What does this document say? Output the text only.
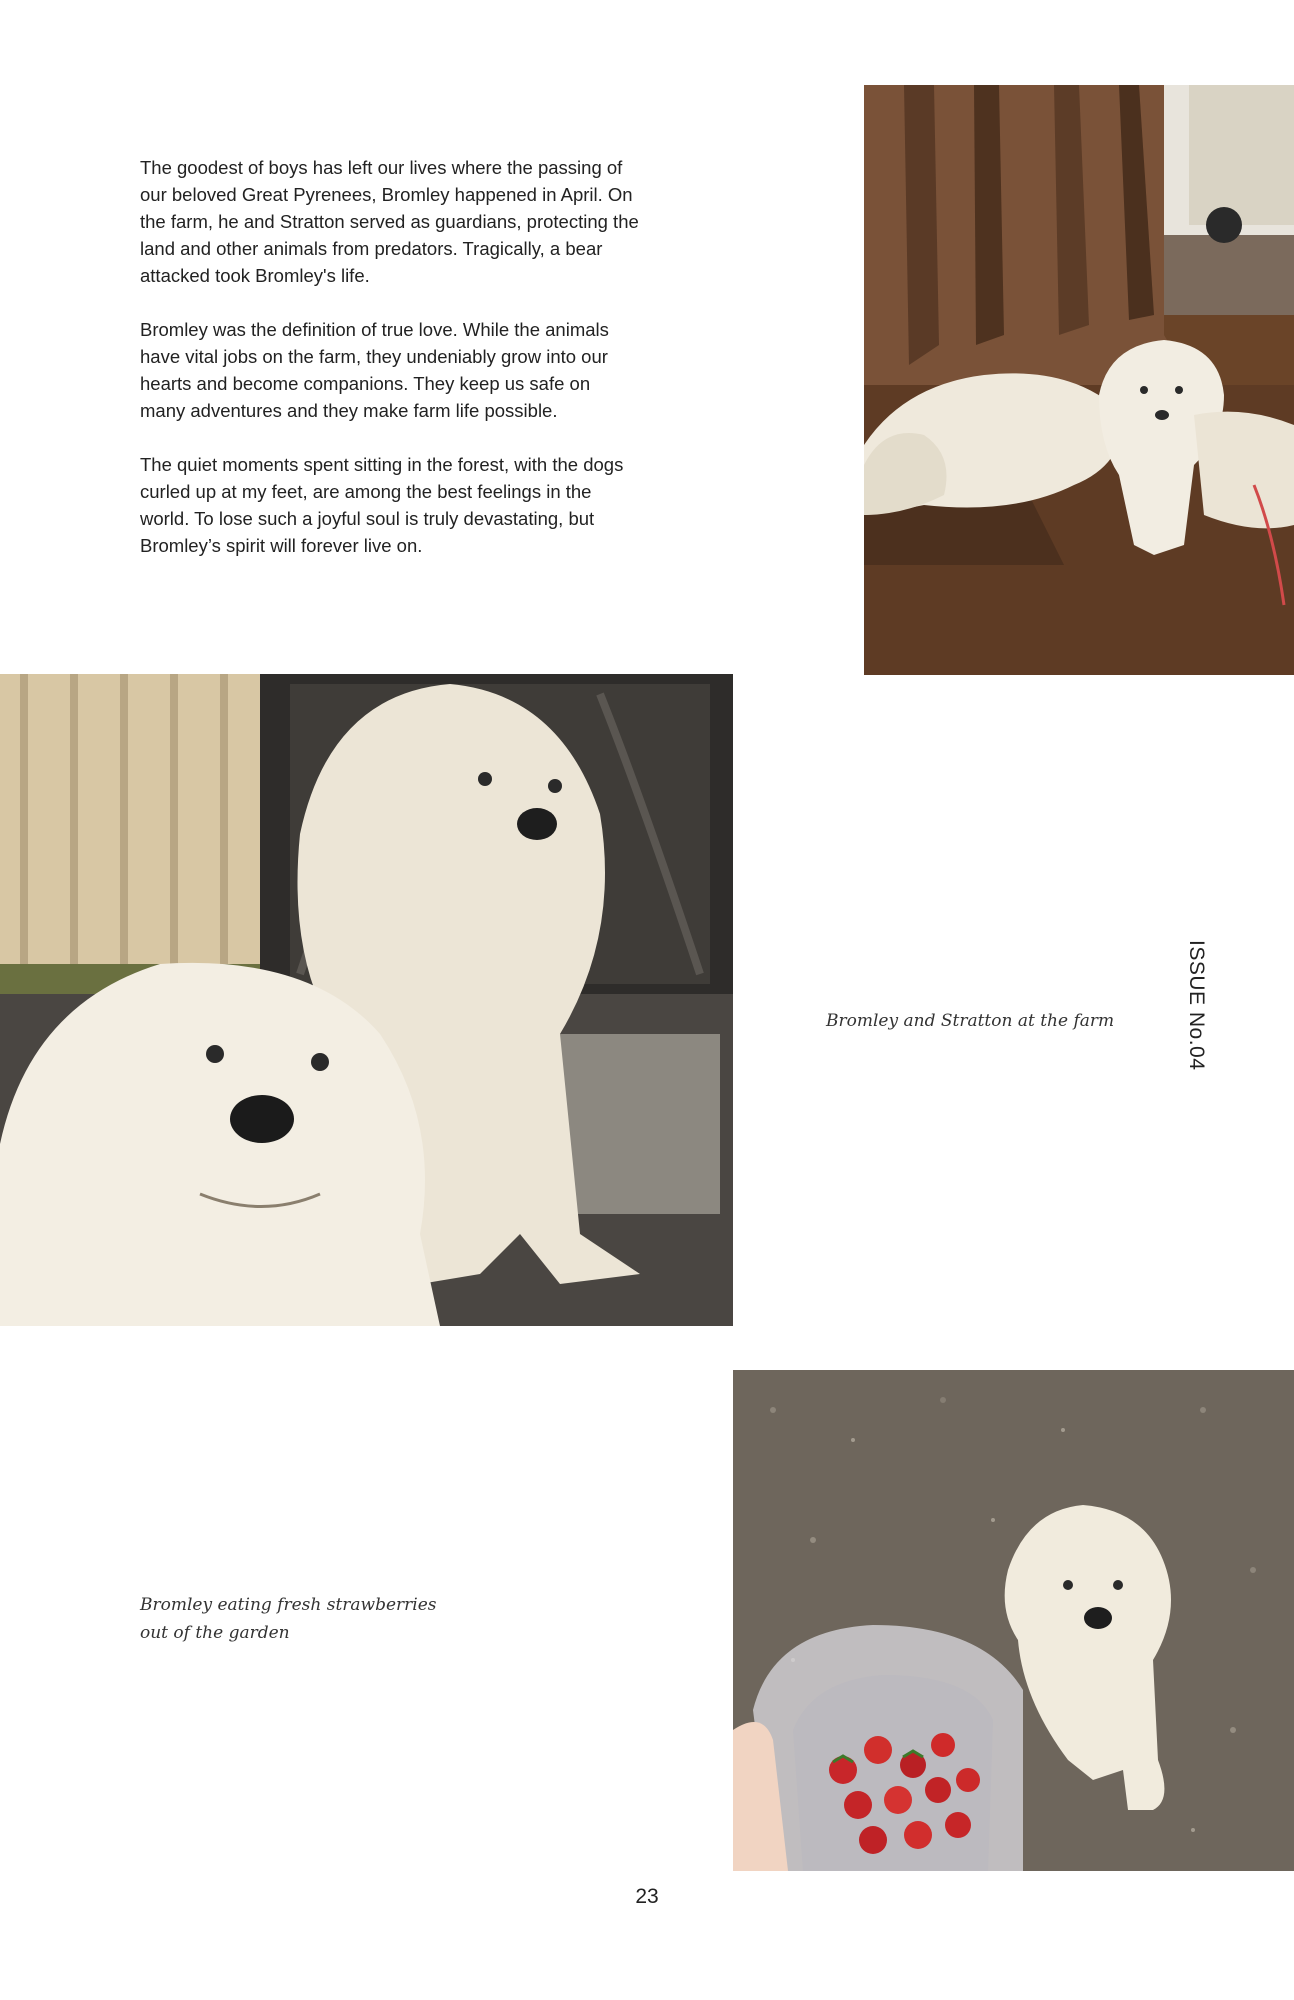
The goodest of boys has left our lives where the passing of our beloved Great Pyrenees, Bromley happened in April. On the farm, he and Stratton served as guardians, protecting the land and other animals from predators. Tragically, a bear attacked took Bromley's life.

Bromley was the definition of true love. While the animals have vital jobs on the farm, they undeniably grow into our hearts and become companions. They keep us safe on many adventures and they make farm life possible.

The quiet moments spent sitting in the forest, with the dogs curled up at my feet, are among the best feelings in the world. To lose such a joyful soul is truly devastating, but Bromley’s spirit will forever live on.

Bromley and Stratton at the farm
Bromley eating fresh strawberries
out of the garden
ISSUE No.04
23
